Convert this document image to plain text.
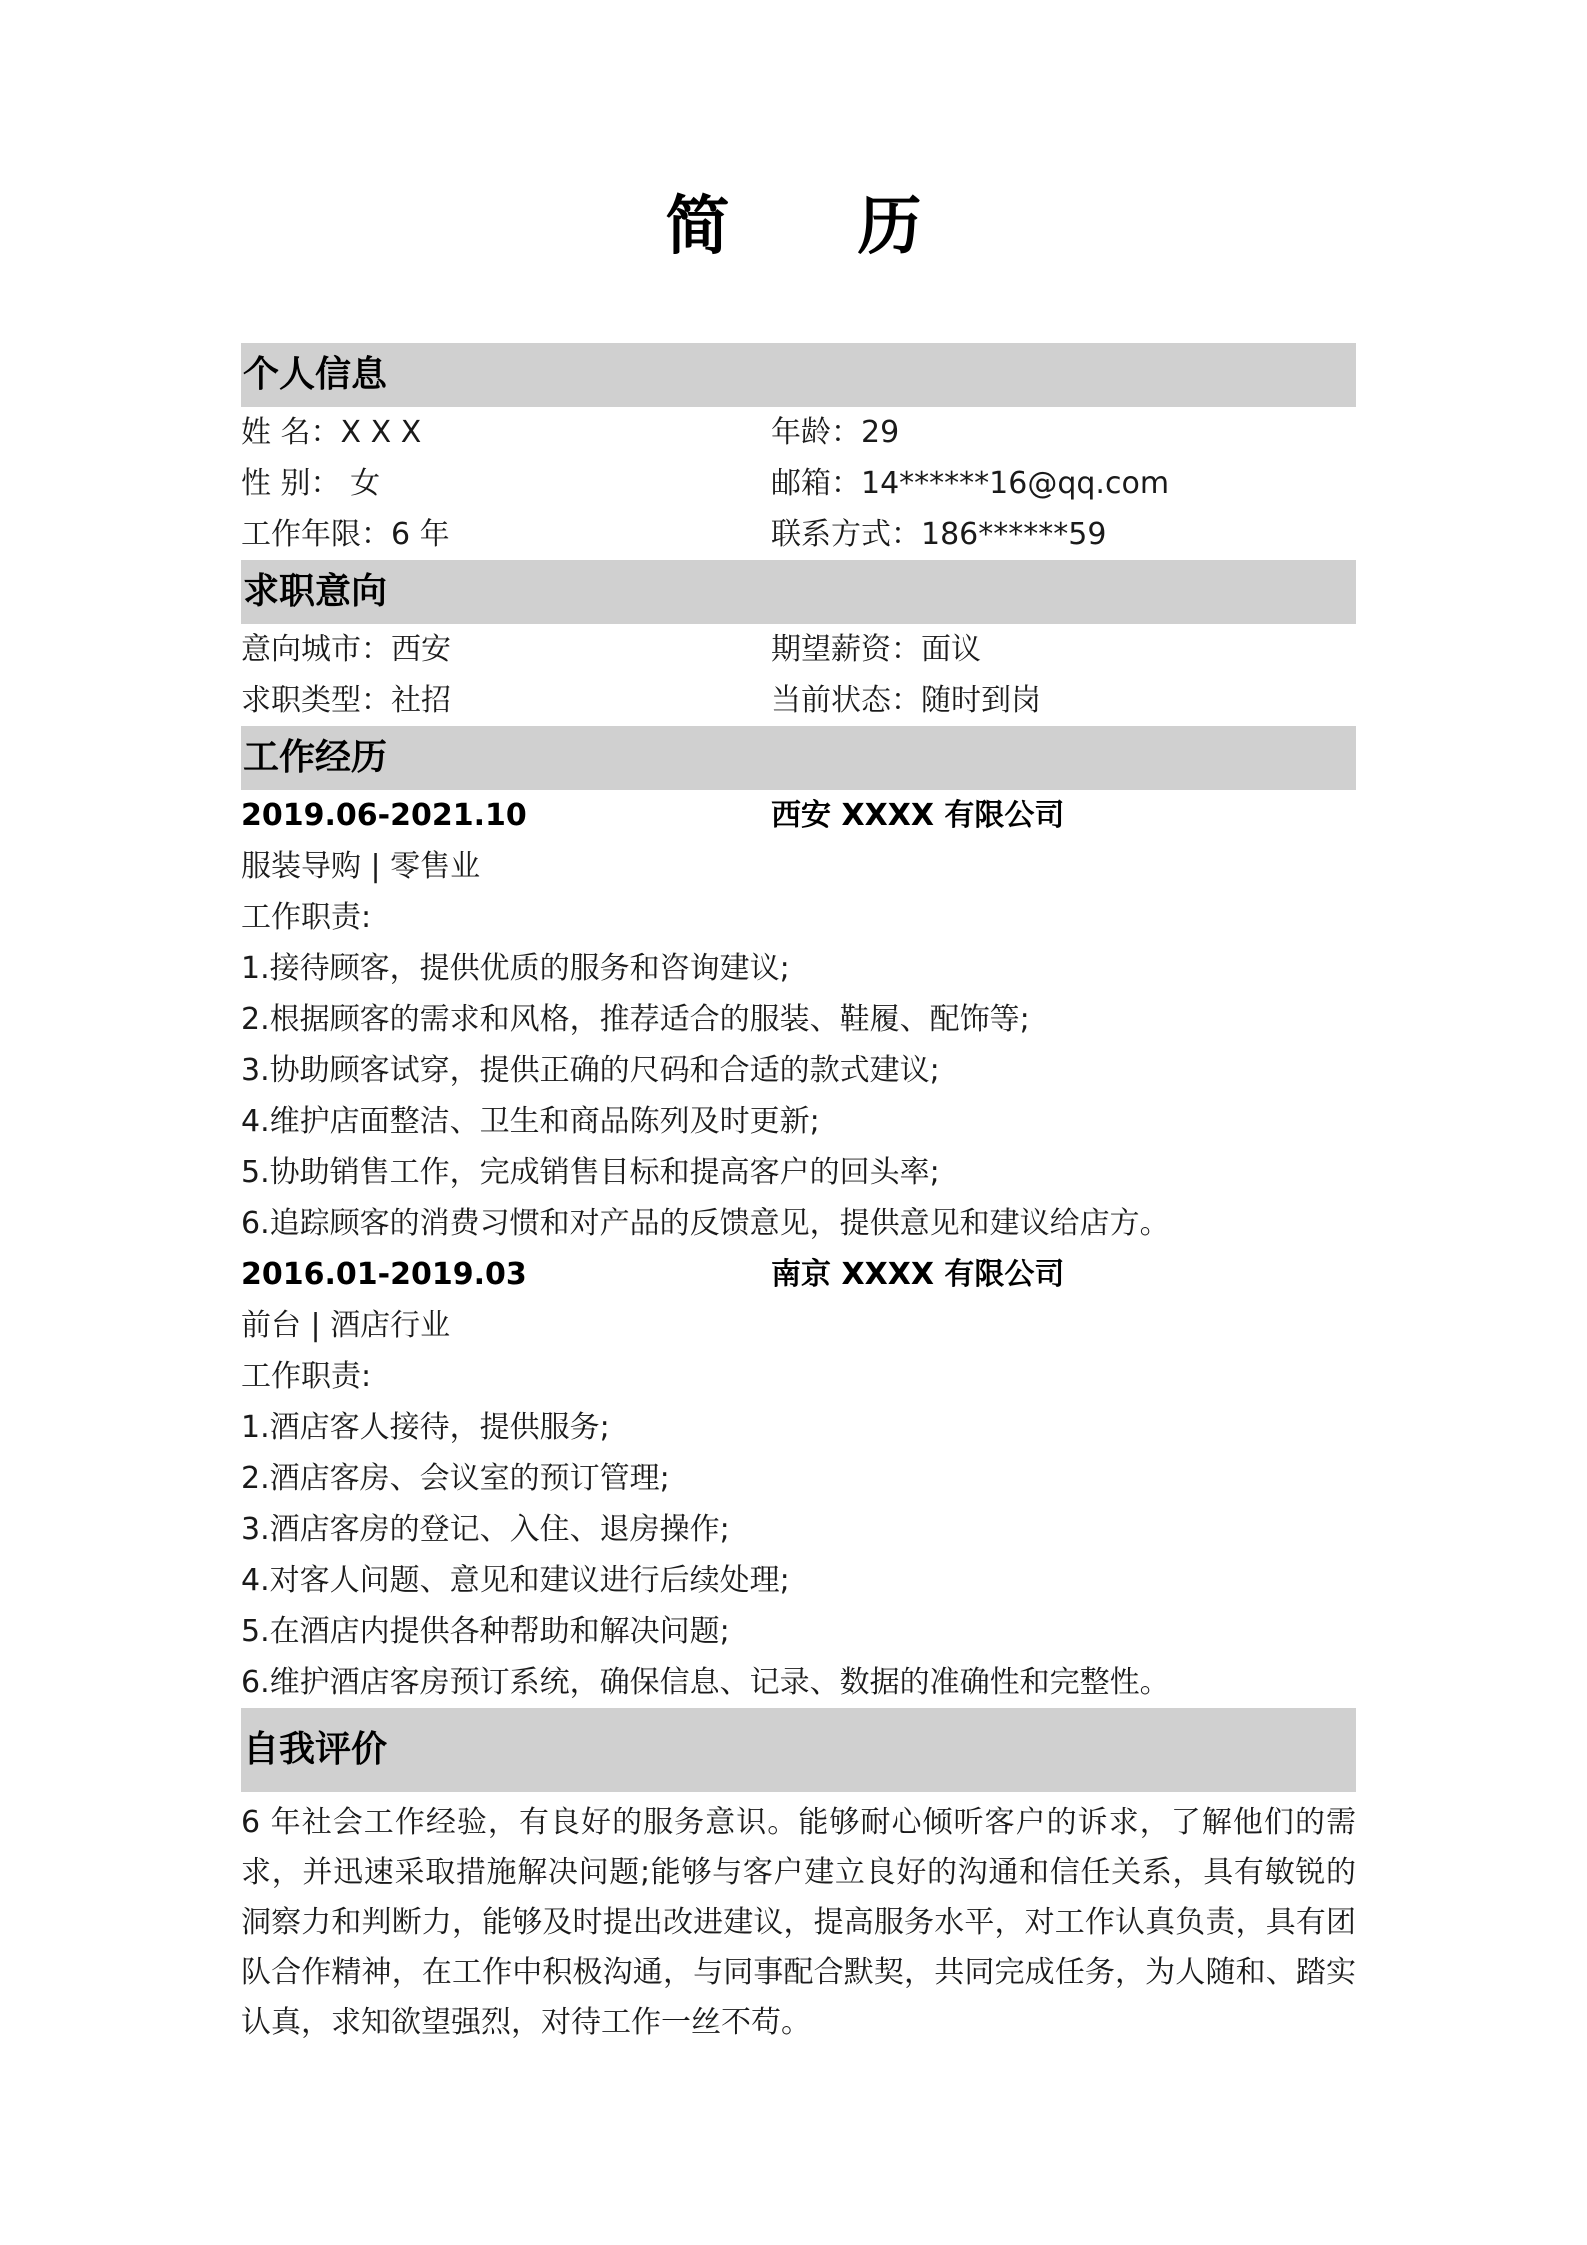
简　　历
个人信息
姓 名：X X X	年龄：29
性 别： 女	邮箱：14******16@qq.com
工作年限：6 年	联系方式：186******59
求职意向
意向城市：西安	期望薪资：面议
求职类型：社招	当前状态：随时到岗
工作经历
2019.06-2021.10	西安 XXXX 有限公司
服装导购 | 零售业
工作职责:
1.接待顾客，提供优质的服务和咨询建议;
2.根据顾客的需求和风格，推荐适合的服装、鞋履、配饰等;
3.协助顾客试穿，提供正确的尺码和合适的款式建议;
4.维护店面整洁、卫生和商品陈列及时更新;
5.协助销售工作，完成销售目标和提高客户的回头率;
6.追踪顾客的消费习惯和对产品的反馈意见，提供意见和建议给店方。
2016.01-2019.03	南京 XXXX 有限公司
前台 | 酒店行业
工作职责:
1.酒店客人接待，提供服务;
2.酒店客房、会议室的预订管理;
3.酒店客房的登记、入住、退房操作;
4.对客人问题、意见和建议进行后续处理;
5.在酒店内提供各种帮助和解决问题;
6.维护酒店客房预订系统，确保信息、记录、数据的准确性和完整性。
自我评价
6 年社会工作经验，有良好的服务意识。能够耐心倾听客户的诉求，了解他们的需求，并迅速采取措施解决问题;能够与客户建立良好的沟通和信任关系，具有敏锐的洞察力和判断力，能够及时提出改进建议，提高服务水平，对工作认真负责，具有团队合作精神，在工作中积极沟通，与同事配合默契，共同完成任务，为人随和、踏实认真，求知欲望强烈，对待工作一丝不苟。
